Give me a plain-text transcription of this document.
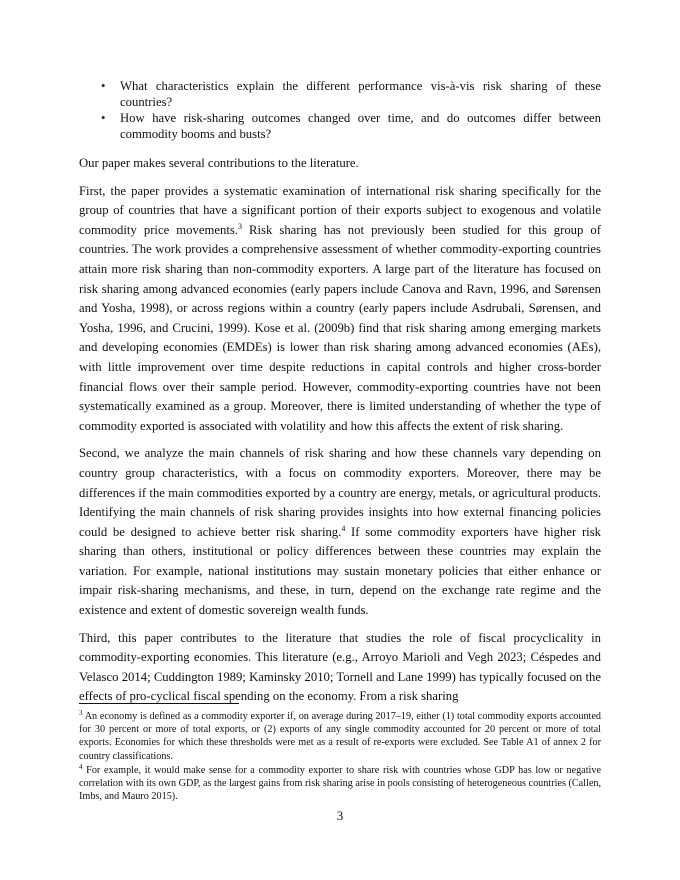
• What characteristics explain the different performance vis-à-vis risk sharing of these countries?
• How have risk-sharing outcomes changed over time, and do outcomes differ between commodity booms and busts?

Our paper makes several contributions to the literature.

First, the paper provides a systematic examination of international risk sharing specifically for the group of countries that have a significant portion of their exports subject to exogenous and volatile commodity price movements.$^3$ Risk sharing has not previously been studied for this group of countries. The work provides a comprehensive assessment of whether commodity-exporting countries attain more risk sharing than non-commodity exporters. A large part of the literature has focused on risk sharing among advanced economies (early papers include Canova and Ravn, 1996, and Sørensen and Yosha, 1998), or across regions within a country (early papers include Asdrubali, Sørensen, and Yosha, 1996, and Crucini, 1999). Kose et al. (2009b) find that risk sharing among emerging markets and developing economies (EMDEs) is lower than risk sharing among advanced economies (AEs), with little improvement over time despite reductions in capital controls and higher cross-border financial flows over their sample period. However, commodity-exporting countries have not been systematically examined as a group. Moreover, there is limited understanding of whether the type of commodity exported is associated with volatility and how this affects the extent of risk sharing.

Second, we analyze the main channels of risk sharing and how these channels vary depending on country group characteristics, with a focus on commodity exporters. Moreover, there may be differences if the main commodities exported by a country are energy, metals, or agricultural products. Identifying the main channels of risk sharing provides insights into how external financing policies could be designed to achieve better risk sharing.$^4$ If some commodity exporters have higher risk sharing than others, institutional or policy differences between these countries may explain the variation. For example, national institutions may sustain monetary policies that either enhance or impair risk-sharing mechanisms, and these, in turn, depend on the exchange rate regime and the existence and extent of domestic sovereign wealth funds.

Third, this paper contributes to the literature that studies the role of fiscal procyclicality in commodity-exporting economies. This literature (e.g., Arroyo Marioli and Vegh 2023; Céspedes and Velasco 2014; Cuddington 1989; Kaminsky 2010; Tornell and Lane 1999) has typically focused on the effects of pro-cyclical fiscal spending on the economy. From a risk sharing

$^3$ An economy is defined as a commodity exporter if, on average during 2017–19, either (1) total commodity exports accounted for 30 percent or more of total exports, or (2) exports of any single commodity accounted for 20 percent or more of total exports. Economies for which these thresholds were met as a result of re-exports were excluded. See Table A1 of annex 2 for country classifications.
$^4$ For example, it would make sense for a commodity exporter to share risk with countries whose GDP has low or negative correlation with its own GDP, as the largest gains from risk sharing arise in pools consisting of heterogeneous countries (Callen, Imbs, and Mauro 2015).
3
